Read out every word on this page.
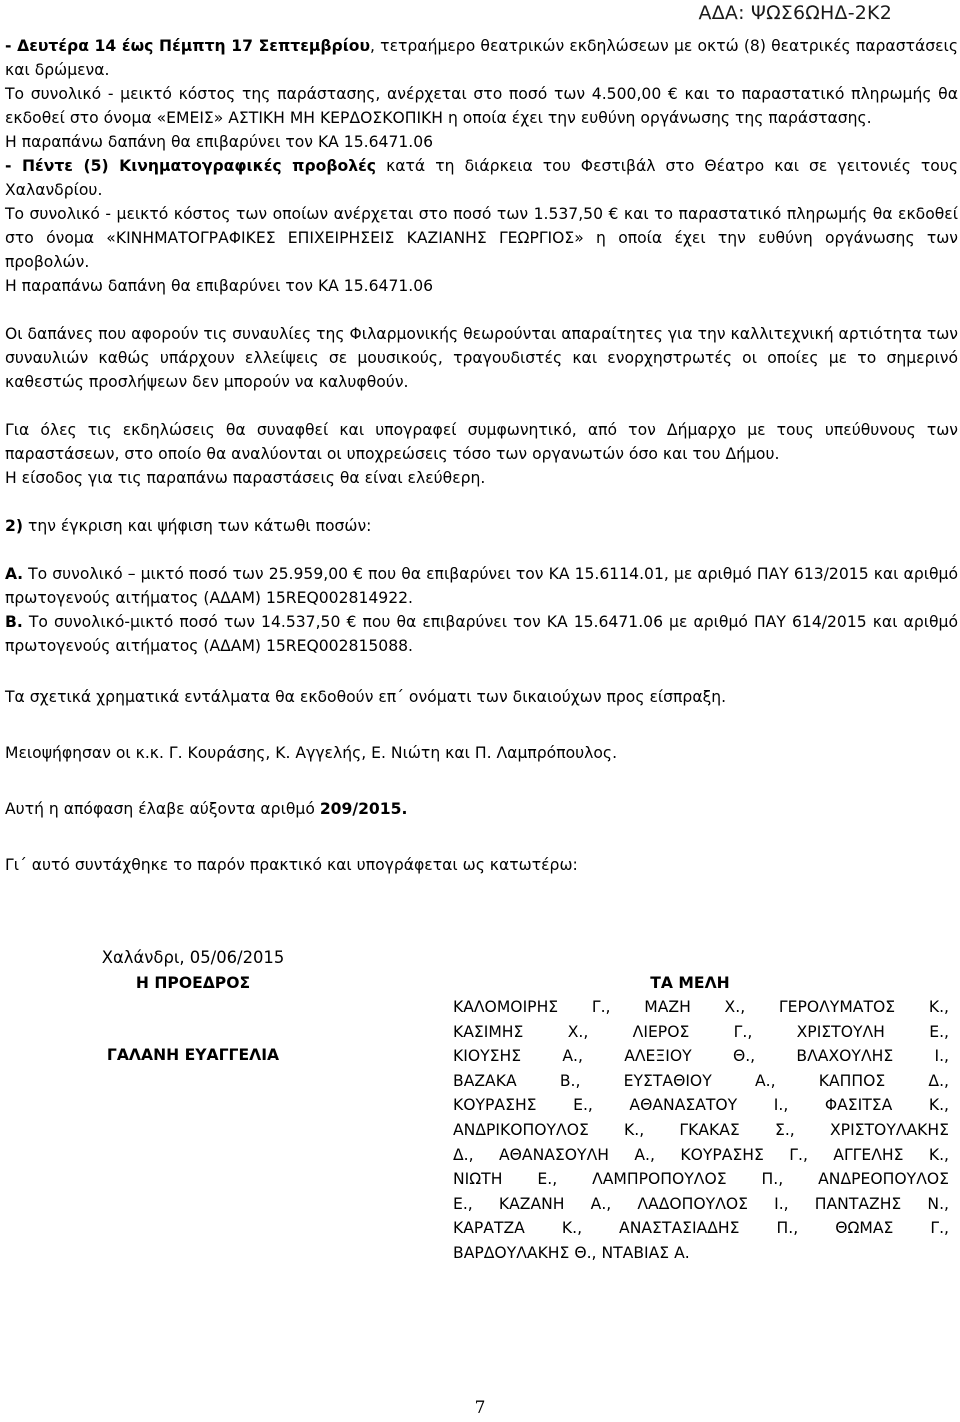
ΑΔΑ: ΨΩΣ6ΩΗΔ-2Κ2

- Δευτέρα 14 έως Πέμπτη 17 Σεπτεμβρίου, τετραήμερο θεατρικών εκδηλώσεων με οκτώ (8) θεατρικές παραστάσεις και δρώμενα.

Το συνολικό - μεικτό κόστος της παράστασης, ανέρχεται στο ποσό των 4.500,00 € και το παραστατικό πληρωμής θα εκδοθεί στο όνομα «ΕΜΕΙΣ» ΑΣΤΙΚΗ ΜΗ ΚΕΡΔΟΣΚΟΠΙΚΗ η οποία έχει την ευθύνη οργάνωσης της παράστασης.

Η παραπάνω δαπάνη θα επιβαρύνει τον ΚΑ 15.6471.06

- Πέντε (5) Κινηματογραφικές προβολές κατά τη διάρκεια του Φεστιβάλ στο Θέατρο και σε γειτονιές τους Χαλανδρίου.

Το συνολικό - μεικτό κόστος των οποίων ανέρχεται στο ποσό των 1.537,50 € και το παραστατικό πληρωμής θα εκδοθεί στο όνομα «ΚΙΝΗΜΑΤΟΓΡΑΦΙΚΕΣ ΕΠΙΧΕΙΡΗΣΕΙΣ ΚΑΖΙΑΝΗΣ ΓΕΩΡΓΙΟΣ» η οποία έχει την ευθύνη οργάνωσης των προβολών.

Η παραπάνω δαπάνη θα επιβαρύνει τον ΚΑ 15.6471.06

Οι δαπάνες που αφορούν τις συναυλίες της Φιλαρμονικής θεωρούνται απαραίτητες για την καλλιτεχνική αρτιότητα των συναυλιών καθώς υπάρχουν ελλείψεις σε μουσικούς, τραγουδιστές και ενορχηστρωτές οι οποίες με το σημερινό καθεστώς προσλήψεων δεν μπορούν να καλυφθούν.

Για όλες τις εκδηλώσεις θα συναφθεί και υπογραφεί συμφωνητικό, από τον Δήμαρχο με τους υπεύθυνους των παραστάσεων, στο οποίο θα αναλύονται οι υποχρεώσεις τόσο των οργανωτών όσο και του Δήμου.

Η είσοδος για τις παραπάνω παραστάσεις θα είναι ελεύθερη.

2) την έγκριση και ψήφιση των κάτωθι ποσών:

Α. Το συνολικό – μικτό ποσό των 25.959,00 € που θα επιβαρύνει τον ΚΑ 15.6114.01, με αριθμό ΠΑΥ 613/2015 και αριθμό πρωτογενούς αιτήματος (ΑΔΑΜ) 15REQ002814922.

Β. Το συνολικό-μικτό ποσό των 14.537,50 € που θα επιβαρύνει τον ΚΑ 15.6471.06 με αριθμό ΠΑΥ 614/2015 και αριθμό πρωτογενούς αιτήματος (ΑΔΑΜ) 15REQ002815088.

Τα σχετικά χρηματικά εντάλματα θα εκδοθούν επ΄ ονόματι των δικαιούχων προς είσπραξη.

Μειοψήφησαν οι κ.κ. Γ. Κουράσης, Κ. Αγγελής, Ε. Νιώτη και Π. Λαμπρόπουλος.

Αυτή η απόφαση έλαβε αύξοντα αριθμό 209/2015.

Γι΄ αυτό συντάχθηκε το παρόν πρακτικό και υπογράφεται ως κατωτέρω:

Χαλάνδρι, 05/06/2015
Η ΠΡΟΕΔΡΟΣ
ΓΑΛΑΝΗ ΕΥΑΓΓΕΛΙΑ
ΤΑ ΜΕΛΗ
ΚΑΛΟΜΟΙΡΗΣ Γ., ΜΑΖΗ Χ., ΓΕΡΟΛΥΜΑΤΟΣ Κ.,
ΚΑΣΙΜΗΣ Χ., ΛΙΕΡΟΣ Γ., ΧΡΙΣΤΟΥΛΗ Ε.,
ΚΙΟΥΣΗΣ Α., ΑΛΕΞΙΟΥ Θ., ΒΛΑΧΟΥΛΗΣ Ι.,
ΒΑΖΑΚΑ Β., ΕΥΣΤΑΘΙΟΥ Α., ΚΑΠΠΟΣ Δ.,
ΚΟΥΡΑΣΗΣ Ε., ΑΘΑΝΑΣΑΤΟΥ Ι., ΦΑΣΙΤΣΑ Κ.,
ΑΝΔΡΙΚΟΠΟΥΛΟΣ Κ., ΓΚΑΚΑΣ Σ., ΧΡΙΣΤΟΥΛΑΚΗΣ
Δ., ΑΘΑΝΑΣΟΥΛΗ Α., ΚΟΥΡΑΣΗΣ Γ., ΑΓΓΕΛΗΣ Κ.,
ΝΙΩΤΗ Ε., ΛΑΜΠΡΟΠΟΥΛΟΣ Π., ΑΝΔΡΕΟΠΟΥΛΟΣ
Ε., ΚΑΖΑΝΗ Α., ΛΑΔΟΠΟΥΛΟΣ Ι., ΠΑΝΤΑΖΗΣ Ν.,
ΚΑΡΑΤΖΑ Κ., ΑΝΑΣΤΑΣΙΑΔΗΣ Π., ΘΩΜΑΣ Γ.,
ΒΑΡΔΟΥΛΑΚΗΣ Θ., ΝΤΑΒΙΑΣ Α.
7
